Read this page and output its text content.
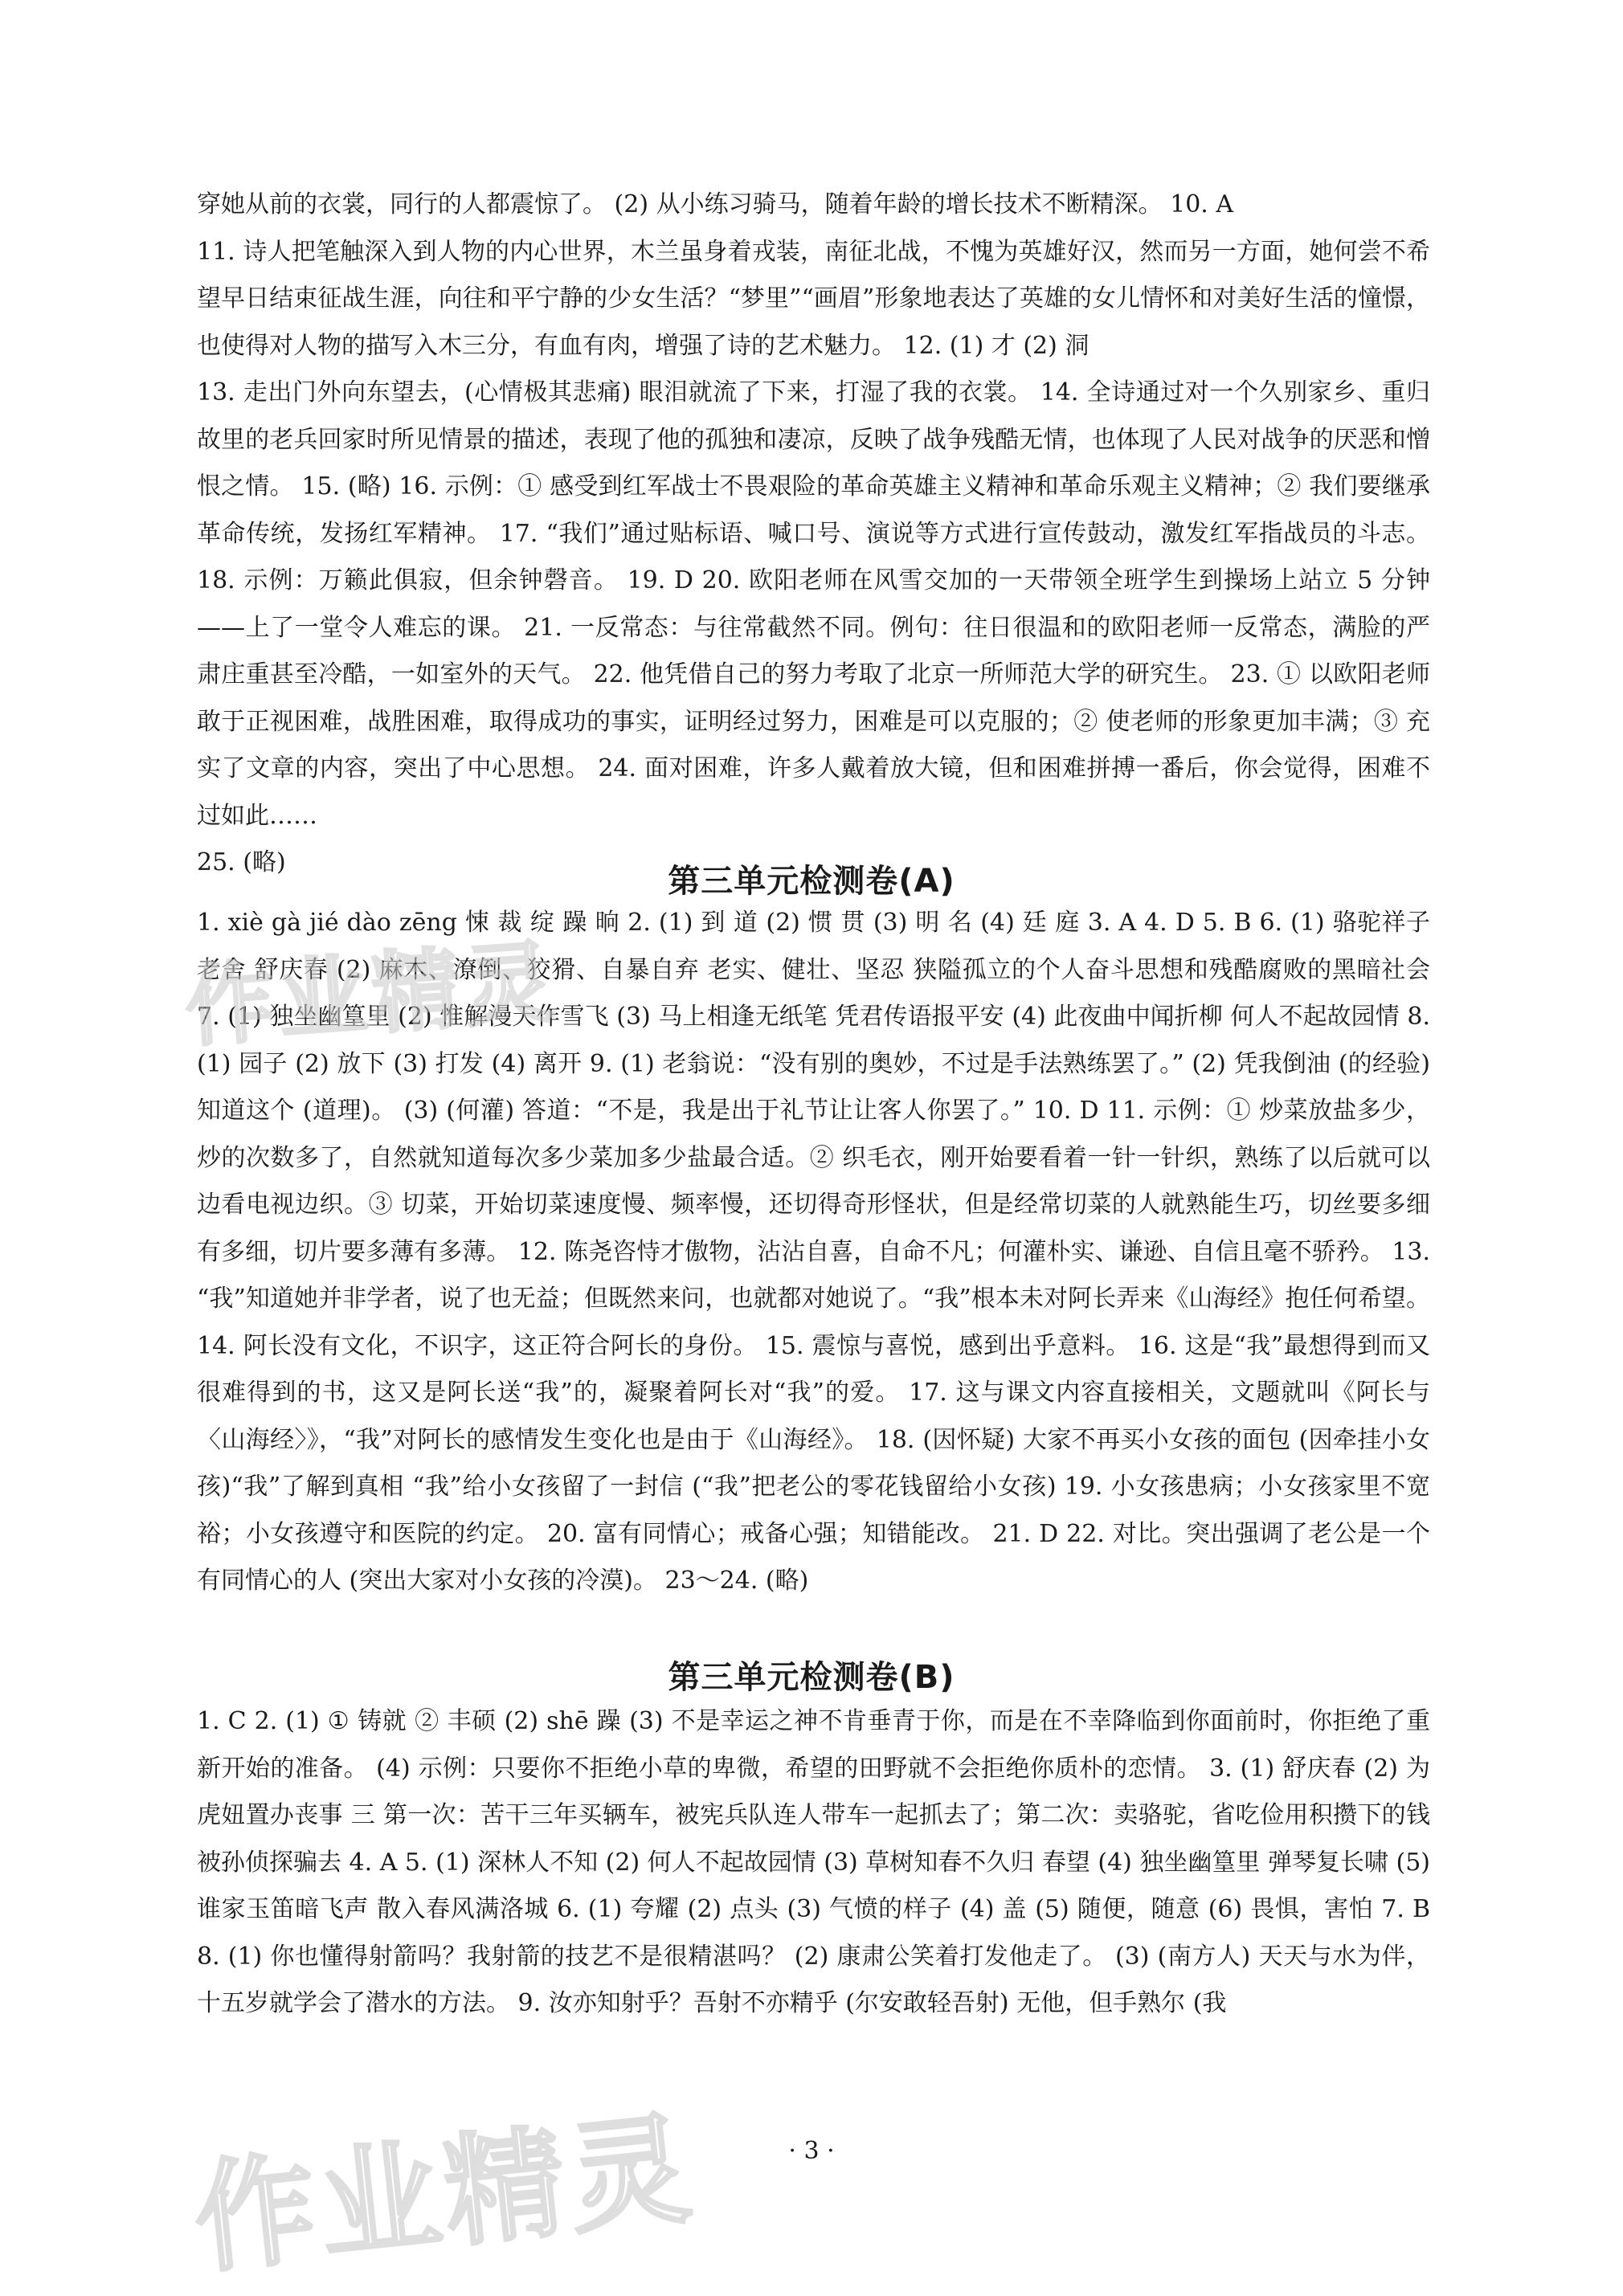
穿她从前的衣裳，同行的人都震惊了。 (2) 从小练习骑马，随着年龄的增长技术不断精深。 10. A

11. 诗人把笔触深入到人物的内心世界，木兰虽身着戎装，南征北战，不愧为英雄好汉，然而另一方面，她何尝不希望早日结束征战生涯，向往和平宁静的少女生活？“梦里”“画眉”形象地表达了英雄的女儿情怀和对美好生活的憧憬，也使得对人物的描写入木三分，有血有肉，增强了诗的艺术魅力。 12. (1) 才 (2) 洞

13. 走出门外向东望去，(心情极其悲痛) 眼泪就流了下来，打湿了我的衣裳。 14. 全诗通过对一个久别家乡、重归故里的老兵回家时所见情景的描述，表现了他的孤独和凄凉，反映了战争残酷无情，也体现了人民对战争的厌恶和憎恨之情。 15. (略) 16. 示例：① 感受到红军战士不畏艰险的革命英雄主义精神和革命乐观主义精神；② 我们要继承革命传统，发扬红军精神。 17. “我们”通过贴标语、喊口号、演说等方式进行宣传鼓动，激发红军指战员的斗志。 18. 示例：万籁此俱寂，但余钟磬音。 19. D 20. 欧阳老师在风雪交加的一天带领全班学生到操场上站立 5 分钟——上了一堂令人难忘的课。 21. 一反常态：与往常截然不同。例句：往日很温和的欧阳老师一反常态，满脸的严肃庄重甚至冷酷，一如室外的天气。 22. 他凭借自己的努力考取了北京一所师范大学的研究生。 23. ① 以欧阳老师敢于正视困难，战胜困难，取得成功的事实，证明经过努力，困难是可以克服的；② 使老师的形象更加丰满；③ 充实了文章的内容，突出了中心思想。 24. 面对困难，许多人戴着放大镜，但和困难拼搏一番后，你会觉得，困难不过如此……

25. (略)

第三单元检测卷(A)

1. xiè gà jié dào zēng 悚 裁 绽 躁 晌 2. (1) 到 道 (2) 惯 贯 (3) 明 名 (4) 廷 庭 3. A 4. D 5. B 6. (1) 骆驼祥子 老舍 舒庆春 (2) 麻木、潦倒、狡猾、自暴自弃 老实、健壮、坚忍 狭隘孤立的个人奋斗思想和残酷腐败的黑暗社会 7. (1) 独坐幽篁里 (2) 惟解漫天作雪飞 (3) 马上相逢无纸笔 凭君传语报平安 (4) 此夜曲中闻折柳 何人不起故园情 8. (1) 园子 (2) 放下 (3) 打发 (4) 离开 9. (1) 老翁说：“没有别的奥妙，不过是手法熟练罢了。” (2) 凭我倒油 (的经验) 知道这个 (道理)。 (3) (何灌) 答道：“不是，我是出于礼节让让客人你罢了。” 10. D 11. 示例：① 炒菜放盐多少，炒的次数多了，自然就知道每次多少菜加多少盐最合适。② 织毛衣，刚开始要看着一针一针织，熟练了以后就可以边看电视边织。③ 切菜，开始切菜速度慢、频率慢，还切得奇形怪状，但是经常切菜的人就熟能生巧，切丝要多细有多细，切片要多薄有多薄。 12. 陈尧咨恃才傲物，沾沾自喜，自命不凡；何灌朴实、谦逊、自信且毫不骄矜。 13. “我”知道她并非学者，说了也无益；但既然来问，也就都对她说了。“我”根本未对阿长弄来《山海经》抱任何希望。 14. 阿长没有文化，不识字，这正符合阿长的身份。 15. 震惊与喜悦，感到出乎意料。 16. 这是“我”最想得到而又很难得到的书，这又是阿长送“我”的，凝聚着阿长对“我”的爱。 17. 这与课文内容直接相关，文题就叫《阿长与〈山海经〉》，“我”对阿长的感情发生变化也是由于《山海经》。 18. (因怀疑) 大家不再买小女孩的面包 (因牵挂小女孩)“我”了解到真相 “我”给小女孩留了一封信 (“我”把老公的零花钱留给小女孩) 19. 小女孩患病；小女孩家里不宽裕；小女孩遵守和医院的约定。 20. 富有同情心；戒备心强；知错能改。 21. D 22. 对比。突出强调了老公是一个有同情心的人 (突出大家对小女孩的冷漠)。 23～24. (略)

第三单元检测卷(B)

1. C 2. (1) ① 铸就 ② 丰硕 (2) shē 躁 (3) 不是幸运之神不肯垂青于你，而是在不幸降临到你面前时，你拒绝了重新开始的准备。 (4) 示例：只要你不拒绝小草的卑微，希望的田野就不会拒绝你质朴的恋情。 3. (1) 舒庆春 (2) 为虎妞置办丧事 三 第一次：苦干三年买辆车，被宪兵队连人带车一起抓去了；第二次：卖骆驼，省吃俭用积攒下的钱被孙侦探骗去 4. A 5. (1) 深林人不知 (2) 何人不起故园情 (3) 草树知春不久归 春望 (4) 独坐幽篁里 弹琴复长啸 (5) 谁家玉笛暗飞声 散入春风满洛城 6. (1) 夸耀 (2) 点头 (3) 气愤的样子 (4) 盖 (5) 随便，随意 (6) 畏惧，害怕 7. B 8. (1) 你也懂得射箭吗？我射箭的技艺不是很精湛吗？ (2) 康肃公笑着打发他走了。 (3) (南方人) 天天与水为伴，十五岁就学会了潜水的方法。 9. 汝亦知射乎？吾射不亦精乎 (尔安敢轻吾射) 无他，但手熟尔 (我

· 3 ·
作业精灵
作业精灵
